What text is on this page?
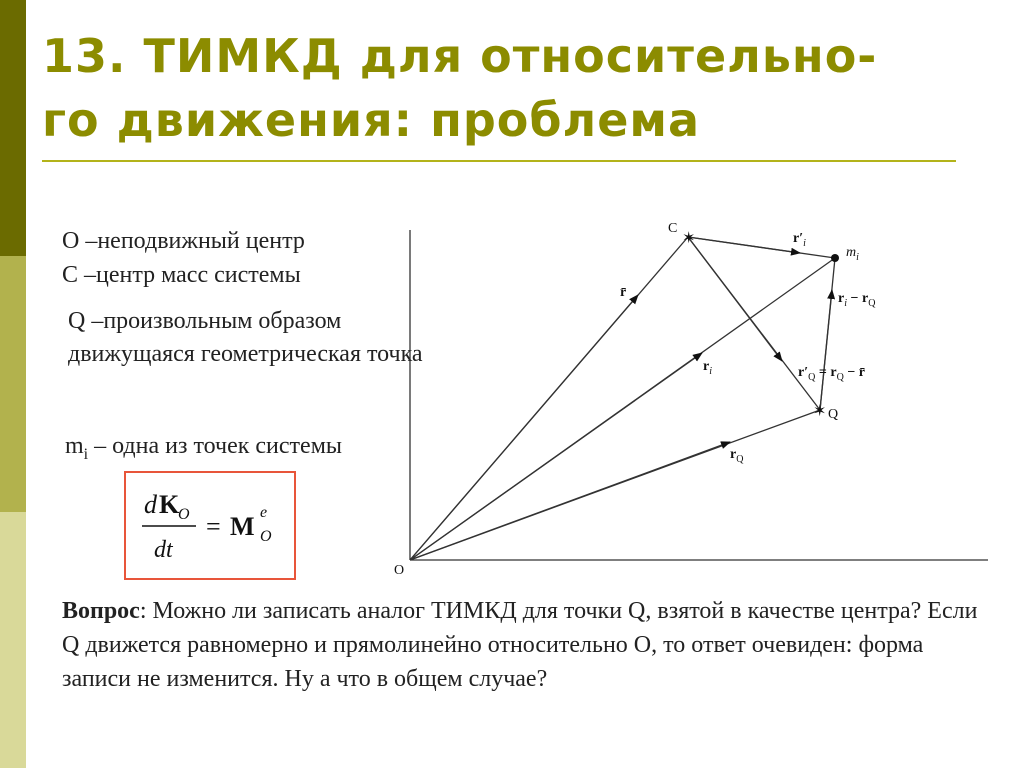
13. ТИМКД для относительно-
го движения: проблема
O –неподвижный центр
C –центр масс системы
Q –произвольным образом движущаяся геометрическая точка
$m_i$ – одна из точек системы
d K
O
dt
= M e
O
Вопрос: Можно ли записать аналог ТИМКД для точки Q, взятой в качестве центра? Если Q движется равномерно и прямолинейно относительно O, то ответ очевиден: форма записи не изменится. Ну а что в общем случае?
✶
✶
O
C
Q
$m_i$
r̄
$r_i$
$r_Q$
$r'_i$
$r_i - r_Q$
$r'_Q = r_Q$ − r̄
